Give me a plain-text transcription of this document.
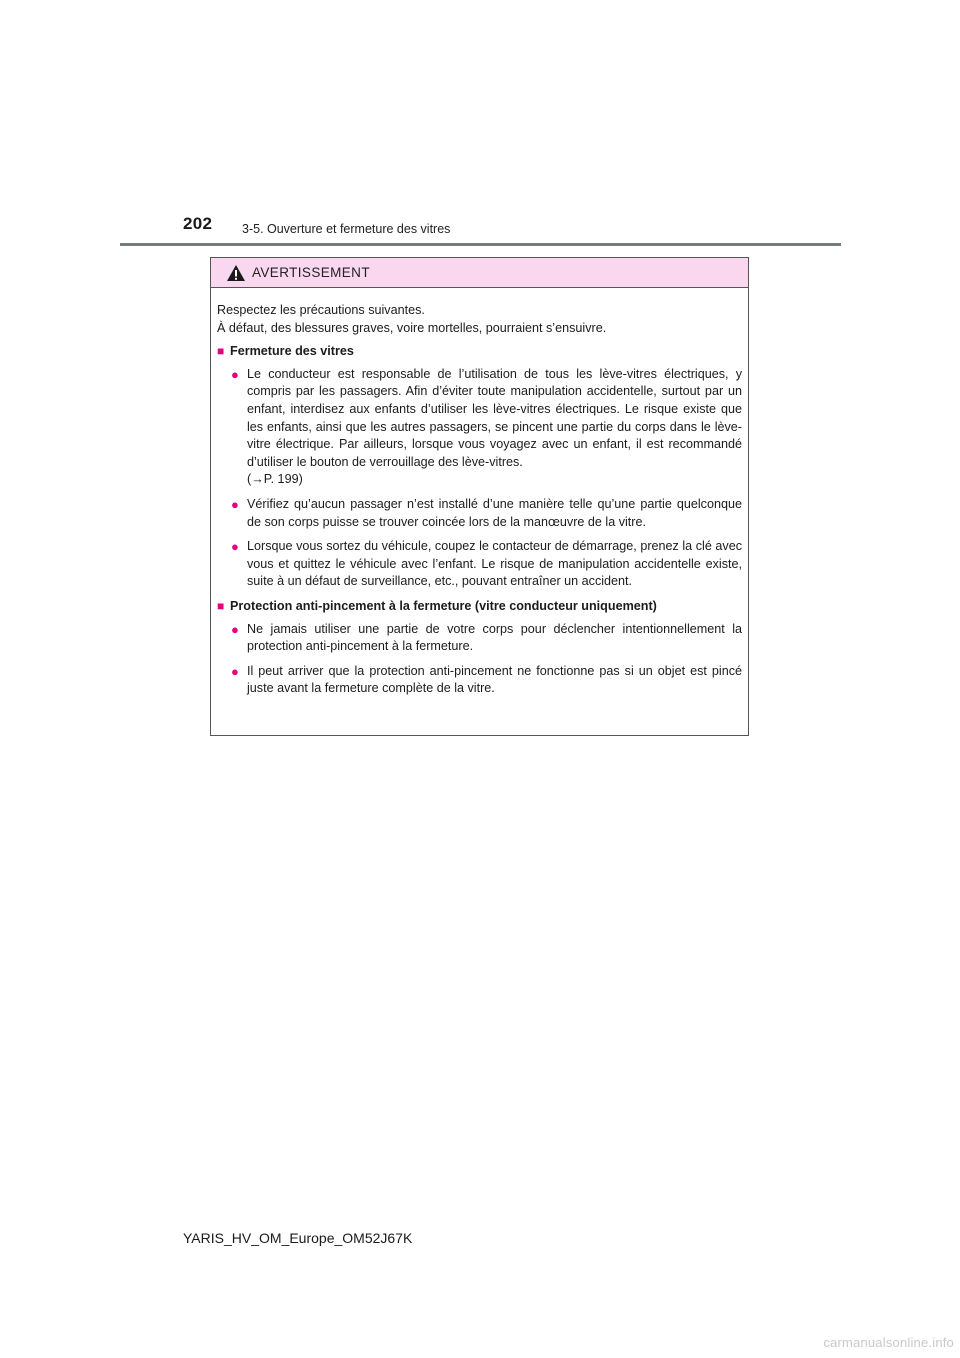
202 3-5. Ouverture et fermeture des vitres
AVERTISSEMENT
Respectez les précautions suivantes.
À défaut, des blessures graves, voire mortelles, pourraient s’ensuivre.
■ Fermeture des vitres
● Le conducteur est responsable de l’utilisation de tous les lève-vitres électriques, y compris par les passagers. Afin d’éviter toute manipulation accidentelle, surtout par un enfant, interdisez aux enfants d’utiliser les lève-vitres électriques. Le risque existe que les enfants, ainsi que les autres passagers, se pincent une partie du corps dans le lève-vitre électrique. Par ailleurs, lorsque vous voyagez avec un enfant, il est recommandé d’utiliser le bouton de verrouillage des lève-vitres.
(→P. 199)
● Vérifiez qu’aucun passager n’est installé d’une manière telle qu’une partie quelconque de son corps puisse se trouver coincée lors de la manœuvre de la vitre.
● Lorsque vous sortez du véhicule, coupez le contacteur de démarrage, prenez la clé avec vous et quittez le véhicule avec l’enfant. Le risque de manipulation accidentelle existe, suite à un défaut de surveillance, etc., pouvant entraîner un accident.
■ Protection anti-pincement à la fermeture (vitre conducteur uniquement)
● Ne jamais utiliser une partie de votre corps pour déclencher intentionnellement la protection anti-pincement à la fermeture.
● Il peut arriver que la protection anti-pincement ne fonctionne pas si un objet est pincé juste avant la fermeture complète de la vitre.
YARIS_HV_OM_Europe_OM52J67K
carmanualsonline.info
